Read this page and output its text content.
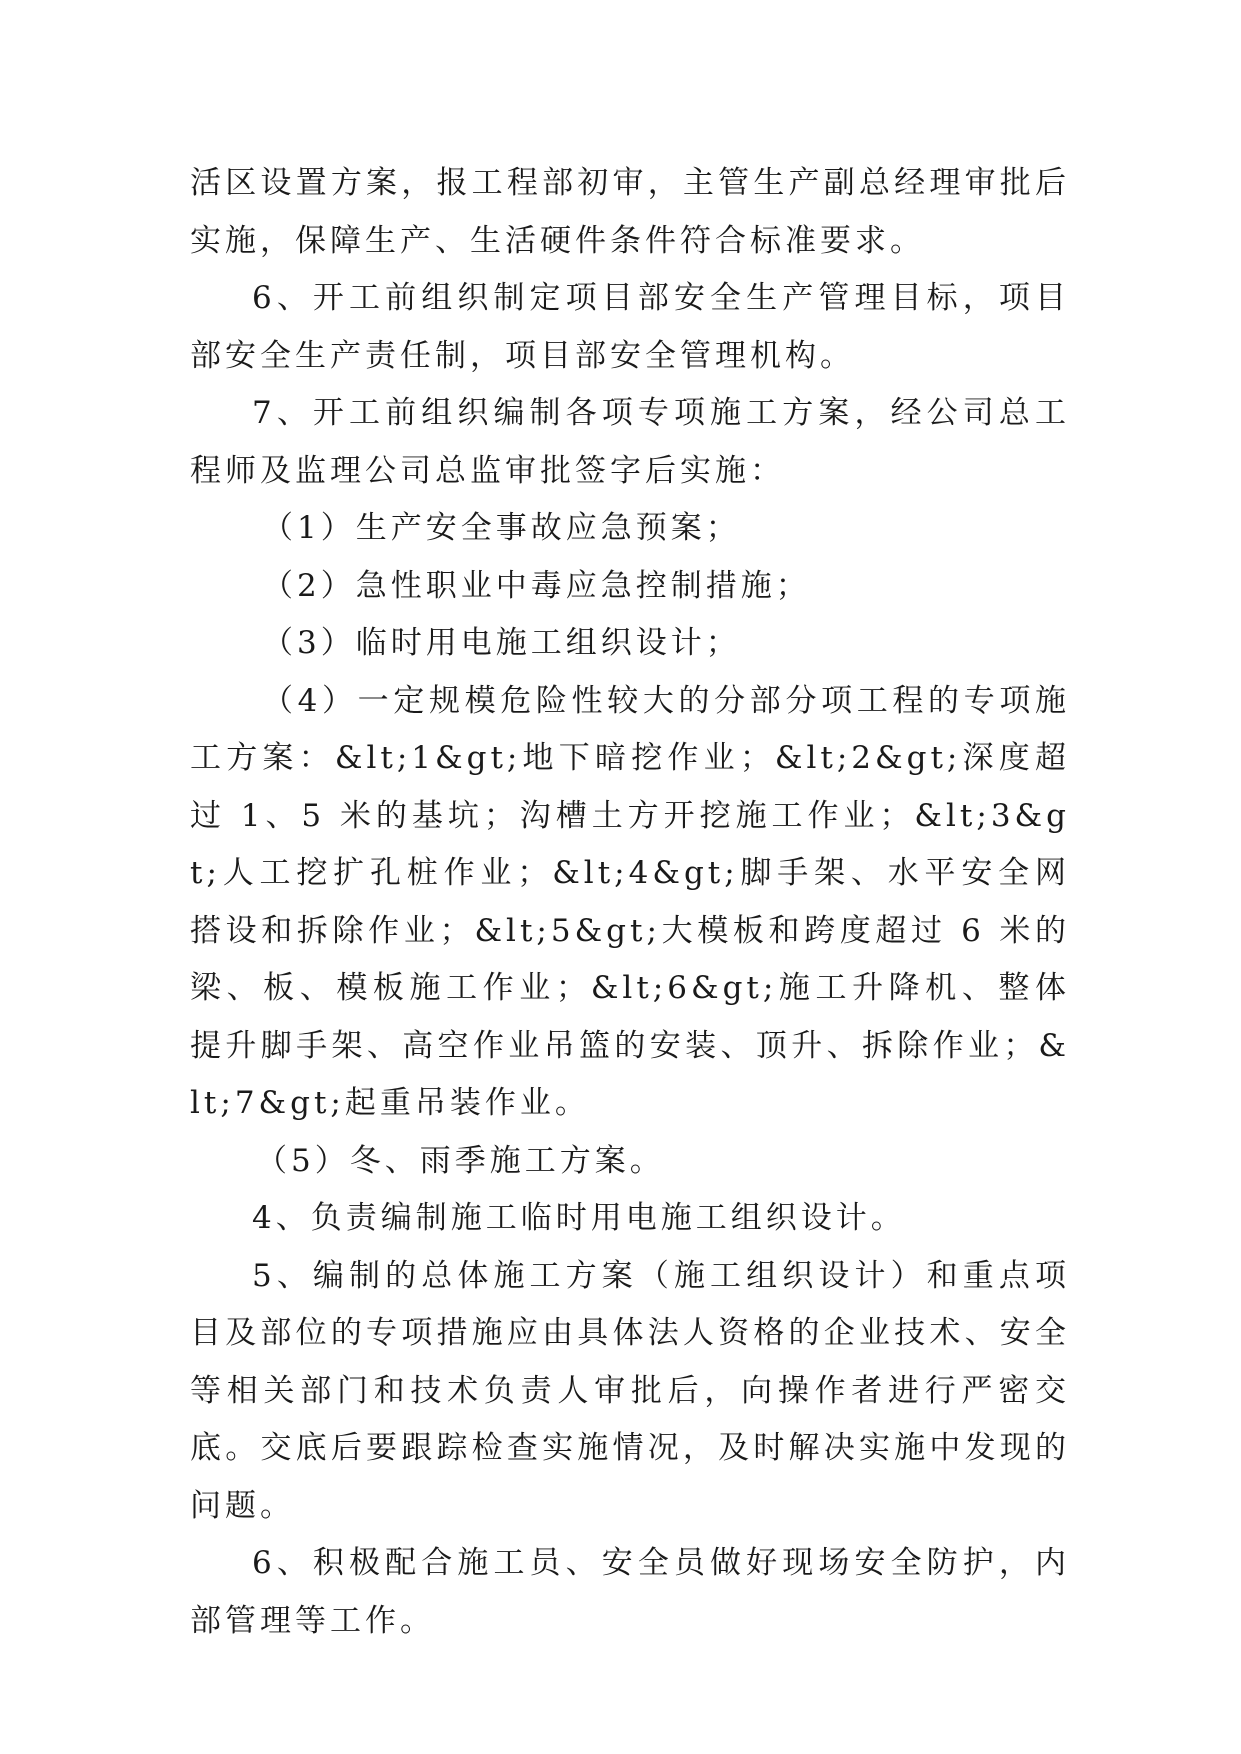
活区设置方案，报工程部初审，主管生产副总经理审批后实施，保障生产、生活硬件条件符合标准要求。

6、开工前组织制定项目部安全生产管理目标，项目部安全生产责任制，项目部安全管理机构。

7、开工前组织编制各项专项施工方案，经公司总工程师及监理公司总监审批签字后实施：

（1）生产安全事故应急预案；

（2）急性职业中毒应急控制措施；

（3）临时用电施工组织设计；

（4）一定规模危险性较大的分部分项工程的专项施工方案：&lt;1&gt;地下暗挖作业；&lt;2&gt;深度超过 1、5 米的基坑；沟槽土方开挖施工作业；&lt;3&gt;人工挖扩孔桩作业；&lt;4&gt;脚手架、水平安全网搭设和拆除作业；&lt;5&gt;大模板和跨度超过 6 米的梁、板、模板施工作业；&lt;6&gt;施工升降机、整体提升脚手架、高空作业吊篮的安装、顶升、拆除作业；&lt;7&gt;起重吊装作业。

（5）冬、雨季施工方案。

4、负责编制施工临时用电施工组织设计。

5、编制的总体施工方案（施工组织设计）和重点项目及部位的专项措施应由具体法人资格的企业技术、安全等相关部门和技术负责人审批后，向操作者进行严密交底。交底后要跟踪检查实施情况，及时解决实施中发现的问题。

6、积极配合施工员、安全员做好现场安全防护，内部管理等工作。
